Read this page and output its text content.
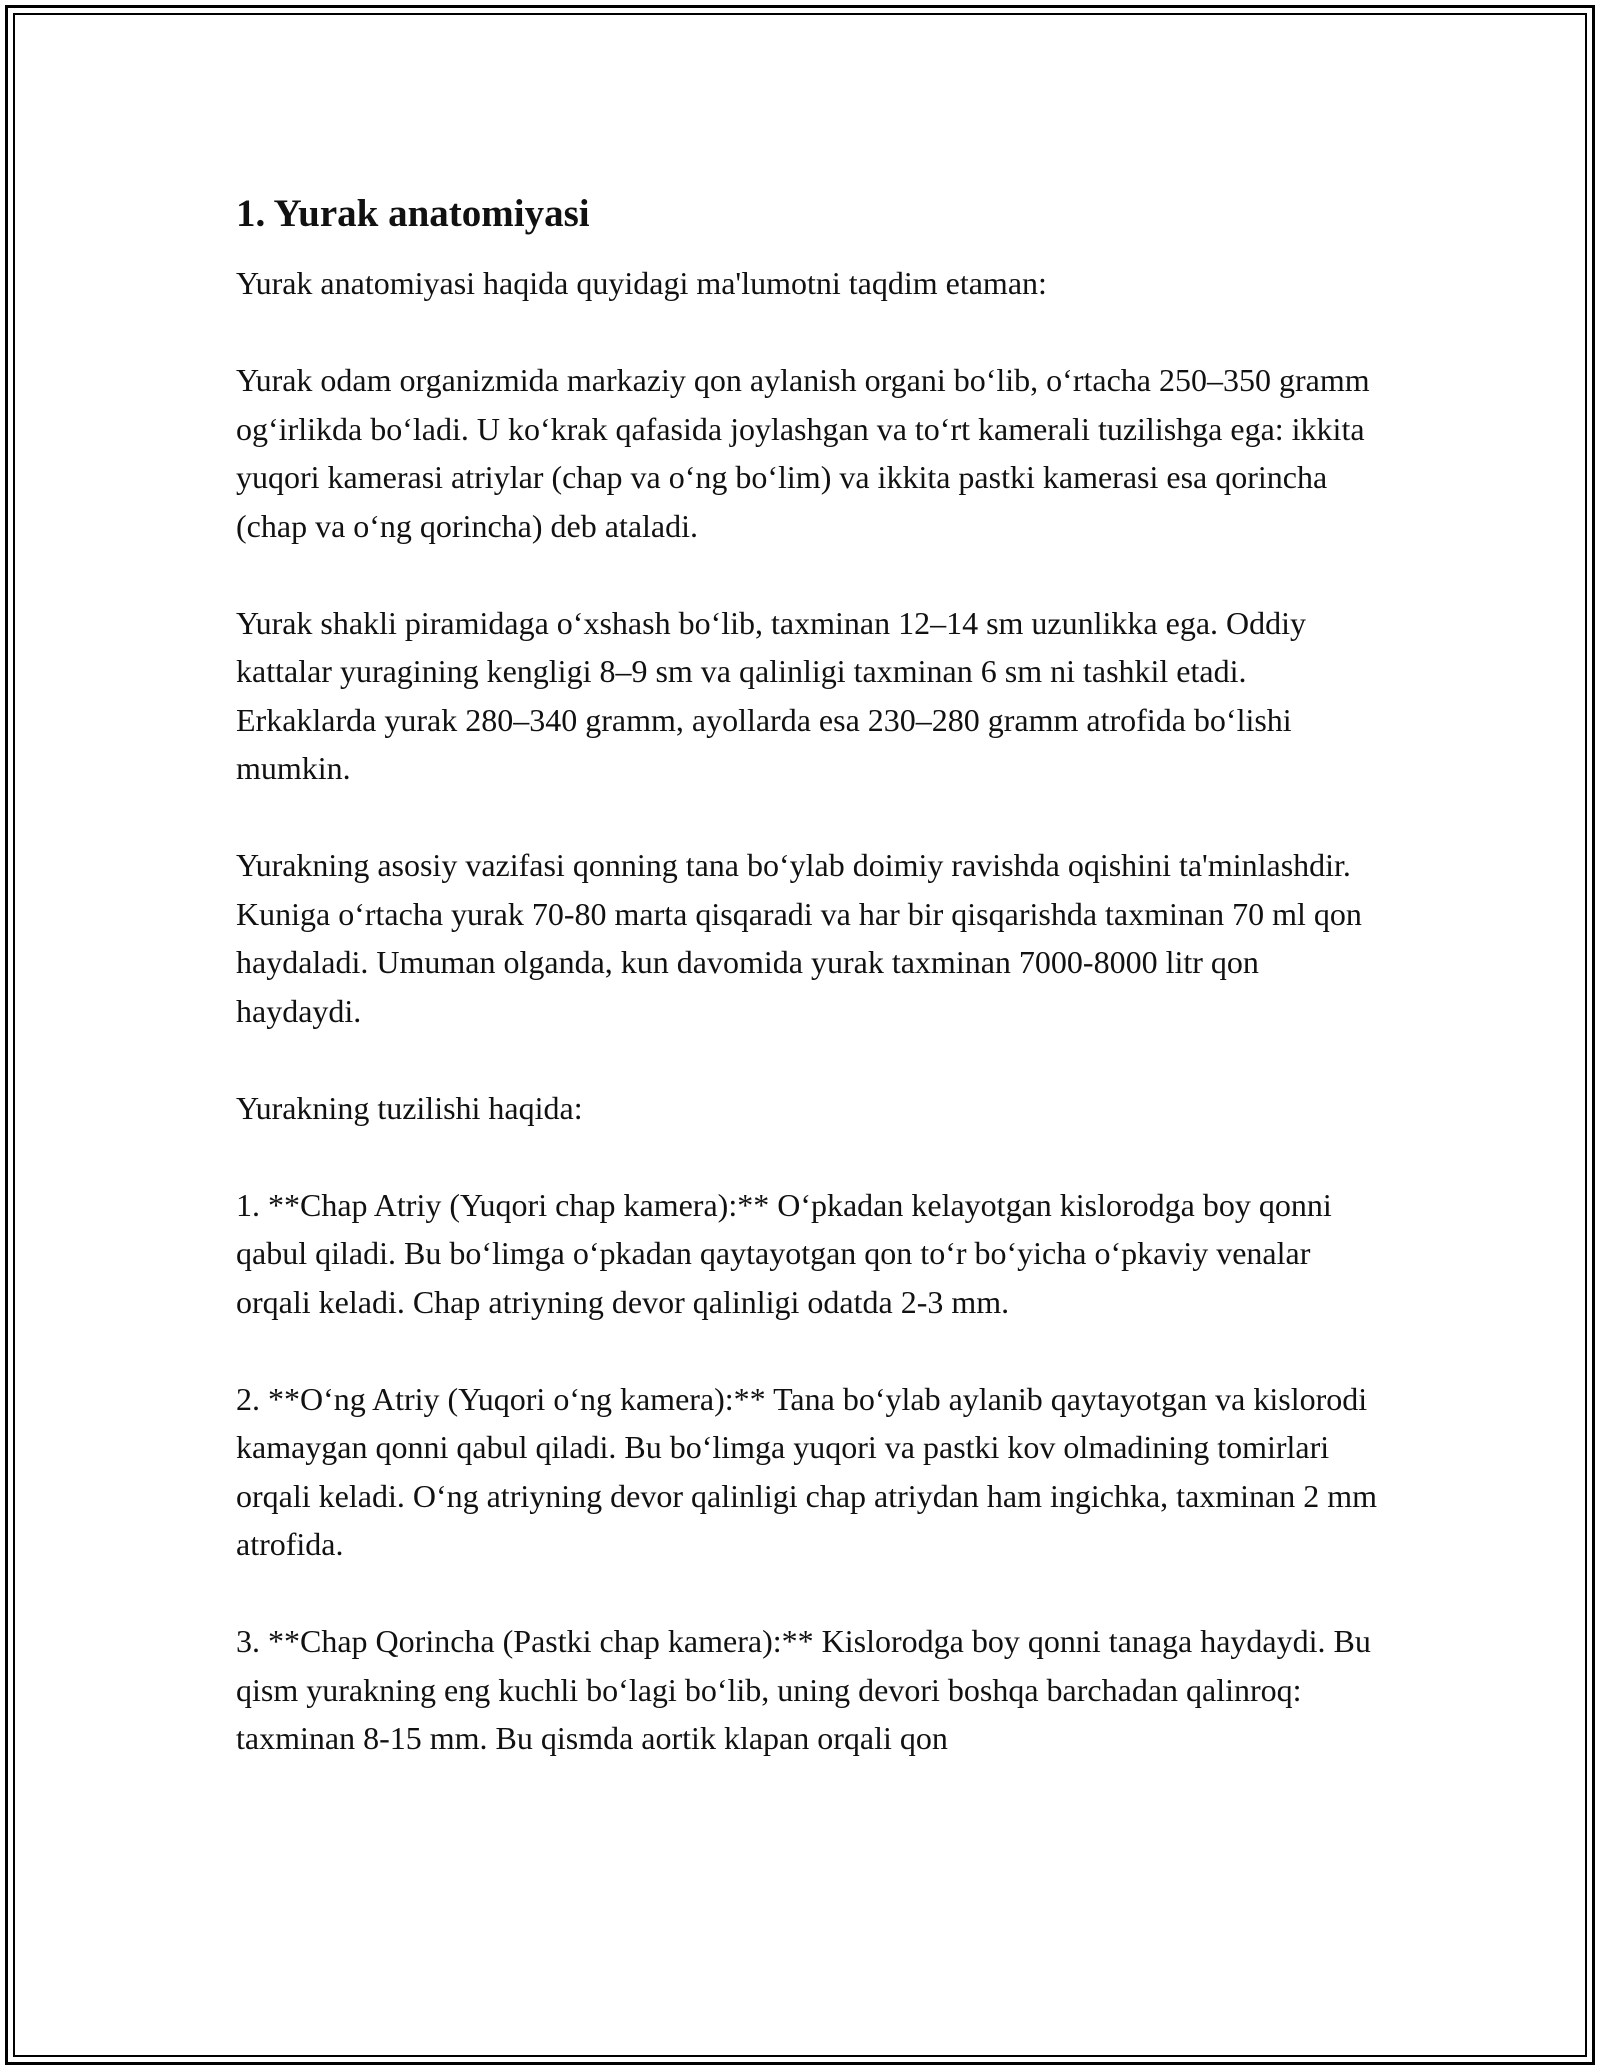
1. Yurak anatomiyasi

Yurak anatomiyasi haqida quyidagi ma'lumotni taqdim etaman:

Yurak odam organizmida markaziy qon aylanish organi bo‘lib, o‘rtacha 250–350 gramm og‘irlikda bo‘ladi. U ko‘krak qafasida joylashgan va to‘rt kamerali tuzilishga ega: ikkita yuqori kamerasi atriylar (chap va o‘ng bo‘lim) va ikkita pastki kamerasi esa qorincha (chap va o‘ng qorincha) deb ataladi.

Yurak shakli piramidaga o‘xshash bo‘lib, taxminan 12–14 sm uzunlikka ega. Oddiy kattalar yuragining kengligi 8–9 sm va qalinligi taxminan 6 sm ni tashkil etadi. Erkaklarda yurak 280–340 gramm, ayollarda esa 230–280 gramm atrofida bo‘lishi mumkin.

Yurakning asosiy vazifasi qonning tana bo‘ylab doimiy ravishda oqishini ta'minlashdir. Kuniga o‘rtacha yurak 70-80 marta qisqaradi va har bir qisqarishda taxminan 70 ml qon haydaladi. Umuman olganda, kun davomida yurak taxminan 7000-8000 litr qon haydaydi.

Yurakning tuzilishi haqida:

1. **Chap Atriy (Yuqori chap kamera):** O‘pkadan kelayotgan kislorodga boy qonni qabul qiladi. Bu bo‘limga o‘pkadan qaytayotgan qon to‘r bo‘yicha o‘pkaviy venalar orqali keladi. Chap atriyning devor qalinligi odatda 2-3 mm.

2. **O‘ng Atriy (Yuqori o‘ng kamera):** Tana bo‘ylab aylanib qaytayotgan va kislorodi kamaygan qonni qabul qiladi. Bu bo‘limga yuqori va pastki kov olmadining tomirlari orqali keladi. O‘ng atriyning devor qalinligi chap atriydan ham ingichka, taxminan 2 mm atrofida.

3. **Chap Qorincha (Pastki chap kamera):** Kislorodga boy qonni tanaga haydaydi. Bu qism yurakning eng kuchli bo‘lagi bo‘lib, uning devori boshqa barchadan qalinroq: taxminan 8-15 mm. Bu qismda aortik klapan orqali qon
